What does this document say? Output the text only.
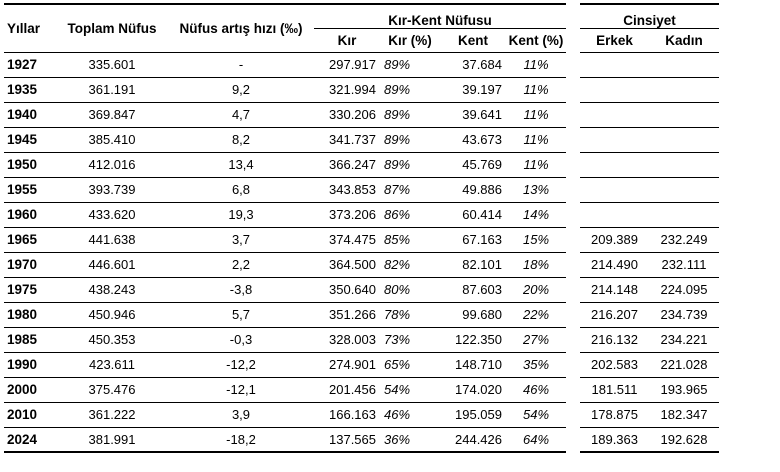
Yıllar	Toplam Nüfus	Nüfus artış hızı (‰)	Kır-Kent Nüfusu					Cinsiyet	
			Kır	Kır (%)	Kent	Kent (%)		Erkek	Kadın
1927	335.601	-	297.917	89%	37.684	11%			
1935	361.191	9,2	321.994	89%	39.197	11%			
1940	369.847	4,7	330.206	89%	39.641	11%			
1945	385.410	8,2	341.737	89%	43.673	11%			
1950	412.016	13,4	366.247	89%	45.769	11%			
1955	393.739	6,8	343.853	87%	49.886	13%			
1960	433.620	19,3	373.206	86%	60.414	14%			
1965	441.638	3,7	374.475	85%	67.163	15%		209.389	232.249
1970	446.601	2,2	364.500	82%	82.101	18%		214.490	232.111
1975	438.243	-3,8	350.640	80%	87.603	20%		214.148	224.095
1980	450.946	5,7	351.266	78%	99.680	22%		216.207	234.739
1985	450.353	-0,3	328.003	73%	122.350	27%		216.132	234.221
1990	423.611	-12,2	274.901	65%	148.710	35%		202.583	221.028
2000	375.476	-12,1	201.456	54%	174.020	46%		181.511	193.965
2010	361.222	3,9	166.163	46%	195.059	54%		178.875	182.347
2024	381.991	-18,2	137.565	36%	244.426	64%		189.363	192.628
